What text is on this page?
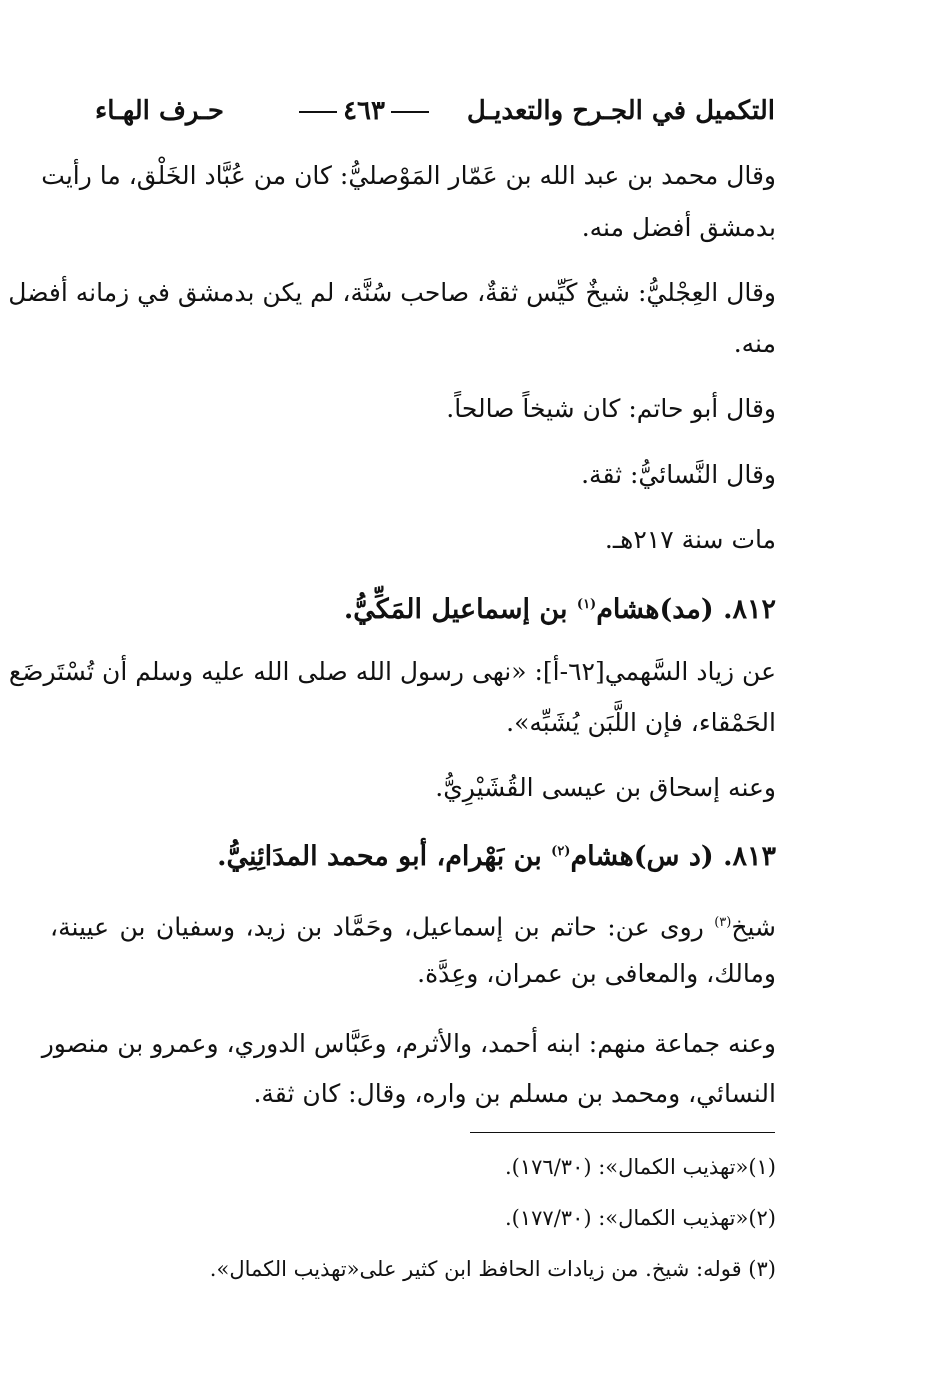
التكميل في الجـرح والتعديـل
٤٦٣
حـرف الهـاء
وقال محمد بن عبد الله بن عَمّار المَوْصليُّ: كان من عُبَّاد الخَلْق، ما رأيت
بدمشق أفضل منه.
وقال العِجْليُّ: شيخٌ كَيِّس ثقةٌ، صاحب سُنَّة، لم يكن بدمشق في زمانه أفضل
منه.
وقال أبو حاتم: كان شيخاً صالحاً.
وقال النَّسائيُّ: ثقة.
مات سنة ٢١٧هـ.
٨١٢. (مد)هشام$^{(١)}$ بن إسماعيل المَكِّيُّ.
عن زياد السَّهمي[٦٢-أ]: «نهى رسول الله صلى الله عليه وسلم أن تُسْتَرضَع
الحَمْقاء، فإن اللَّبَن يُشَبِّه».
وعنه إسحاق بن عيسى القُشَيْرِيُّ.
٨١٣. (د س)هشام$^{(٢)}$ بن بَهْرام، أبو محمد المدَائِنِيُّ.
شيخ$^{(٣)}$ روى عن: حاتم بن إسماعيل، وحَمَّاد بن زيد، وسفيان بن عيينة،
ومالك، والمعافى بن عمران، وعِدَّة.
وعنه جماعة منهم: ابنه أحمد، والأثرم، وعَبَّاس الدوري، وعمرو بن منصور
النسائي، ومحمد بن مسلم بن واره، وقال: كان ثقة.
(١)«تهذيب الكمال»: (١٧٦/٣٠).
(٢)«تهذيب الكمال»: (١٧٧/٣٠).
(٣) قوله: شيخ. من زيادات الحافظ ابن كثير على«تهذيب الكمال».
